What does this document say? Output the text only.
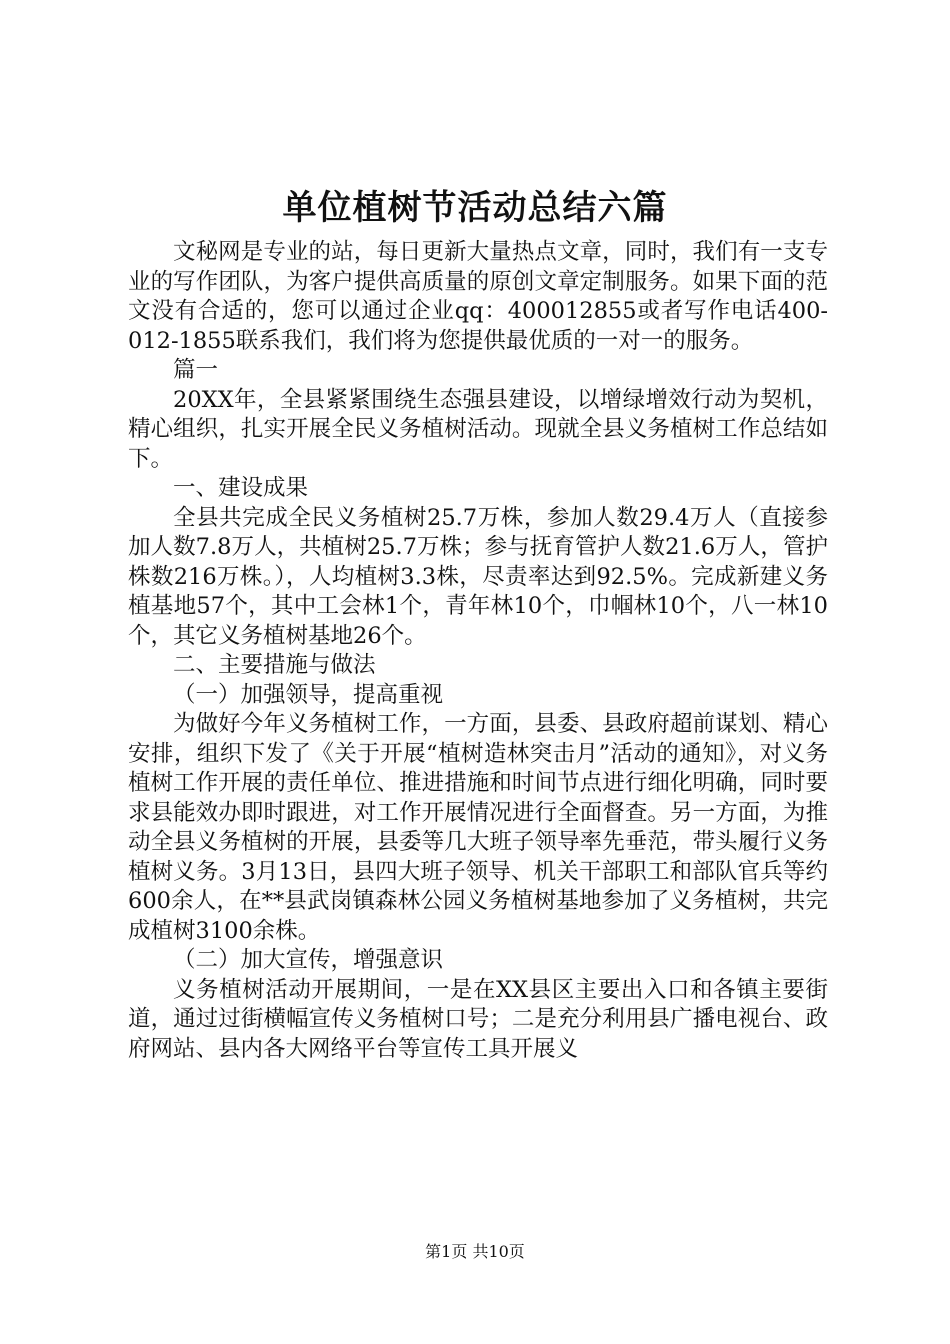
单位植树节活动总结六篇

文秘网是专业的站，每日更新大量热点文章，同时，我们有一支专业的写作团队，为客户提供高质量的原创文章定制服务。如果下面的范文没有合适的，您可以通过企业qq：400012855或者写作电话400-012-1855联系我们，我们将为您提供最优质的一对一的服务。

篇一

20XX年，全县紧紧围绕生态强县建设，以增绿增效行动为契机，精心组织，扎实开展全民义务植树活动。现就全县义务植树工作总结如下。

一、建设成果

全县共完成全民义务植树25.7万株，参加人数29.4万人（直接参加人数7.8万人，共植树25.7万株；参与抚育管护人数21.6万人，管护株数216万株。），人均植树3.3株，尽责率达到92.5%。完成新建义务植基地57个，其中工会林1个，青年林10个，巾帼林10个，八一林10个，其它义务植树基地26个。

二、主要措施与做法

（一）加强领导，提高重视

为做好今年义务植树工作，一方面，县委、县政府超前谋划、精心安排，组织下发了《关于开展“植树造林突击月”活动的通知》，对义务植树工作开展的责任单位、推进措施和时间节点进行细化明确，同时要求县能效办即时跟进，对工作开展情况进行全面督查。另一方面，为推动全县义务植树的开展，县委等几大班子领导率先垂范，带头履行义务植树义务。3月13日，县四大班子领导、机关干部职工和部队官兵等约600余人，在**县武岗镇森林公园义务植树基地参加了义务植树，共完成植树3100余株。

（二）加大宣传，增强意识

义务植树活动开展期间，一是在XX县区主要出入口和各镇主要街道，通过过街横幅宣传义务植树口号；二是充分利用县广播电视台、政府网站、县内各大网络平台等宣传工具开展义

第1页 共10页
